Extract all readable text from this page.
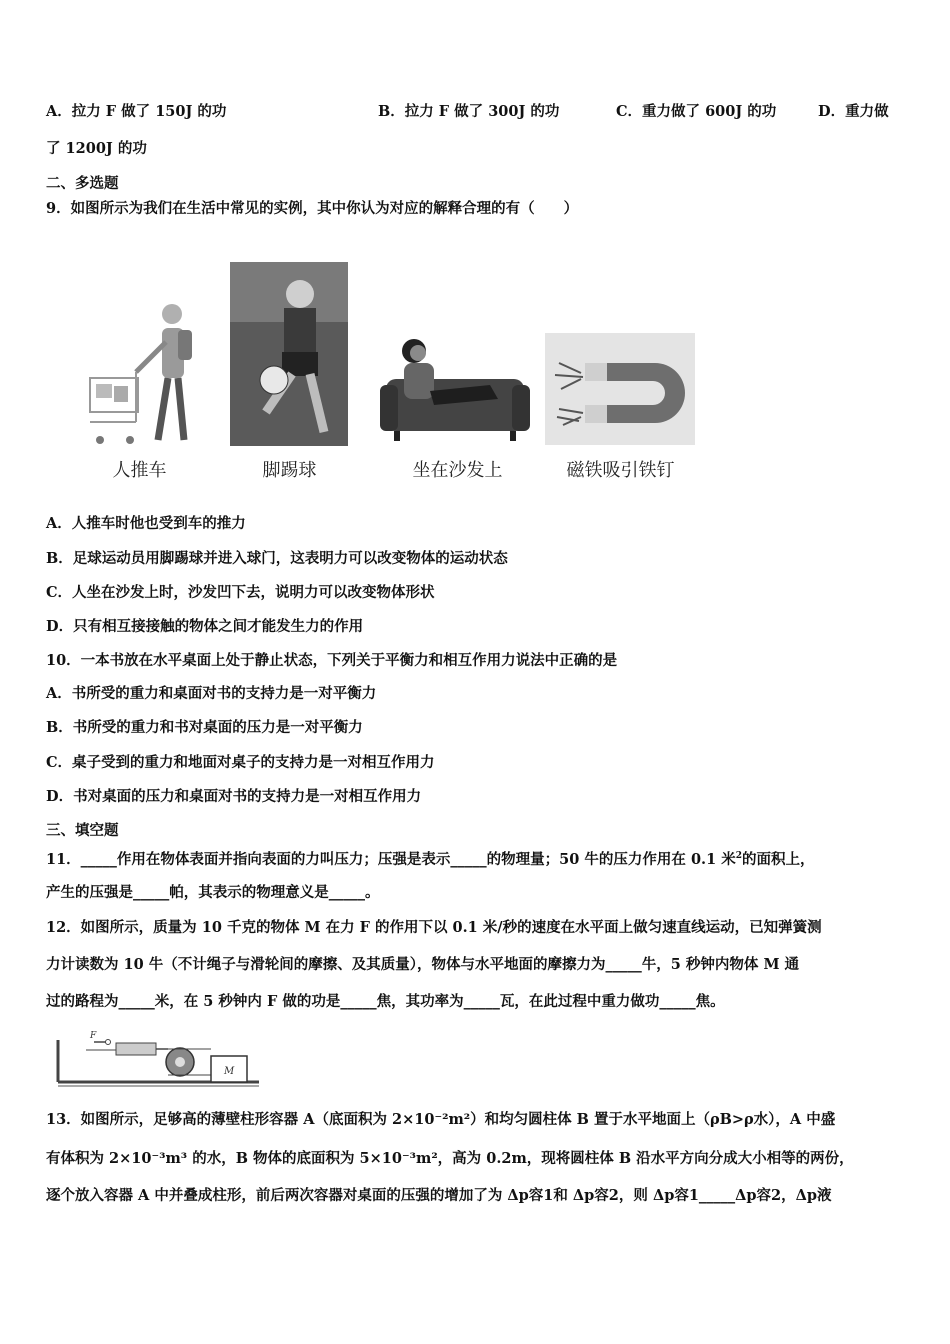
A．拉力 F 做了 150J 的功	B．拉力 F 做了 300J 的功	C．重力做了 600J 的功	D．重力做
了 1200J 的功
二、多选题
9．如图所示为我们在生活中常见的实例，其中你认为对应的解释合理的有（　　）
人推车	脚踢球	坐在沙发上	磁铁吸引铁钉
A．人推车时他也受到车的推力
B．足球运动员用脚踢球并进入球门，这表明力可以改变物体的运动状态
C．人坐在沙发上时，沙发凹下去，说明力可以改变物体形状
D．只有相互接接触的物体之间才能发生力的作用
10．一本书放在水平桌面上处于静止状态，下列关于平衡力和相互作用力说法中正确的是
A．书所受的重力和桌面对书的支持力是一对平衡力
B．书所受的重力和书对桌面的压力是一对平衡力
C．桌子受到的重力和地面对桌子的支持力是一对相互作用力
D．书对桌面的压力和桌面对书的支持力是一对相互作用力
三、填空题
11．_____作用在物体表面并指向表面的力叫压力；压强是表示_____的物理量；50 牛的压力作用在 0.1 米$^2$的面积上，
产生的压强是_____帕，其表示的物理意义是_____。
12．如图所示，质量为 10 千克的物体 M 在力 F 的作用下以 0.1 米/秒的速度在水平面上做匀速直线运动，已知弹簧测
力计读数为 10 牛（不计绳子与滑轮间的摩擦、及其质量），物体与水平地面的摩擦力为_____牛，5 秒钟内物体 M 通
过的路程为_____米，在 5 秒钟内 F 做的功是_____焦，其功率为_____瓦，在此过程中重力做功_____焦。
F
M
13．如图所示，足够高的薄壁柱形容器 A（底面积为 2×10⁻²m²）和均匀圆柱体 B 置于水平地面上（ρB>ρ水），A 中盛
有体积为 2×10⁻³m³ 的水，B 物体的底面积为 5×10⁻³m²，高为 0.2m，现将圆柱体 B 沿水平方向分成大小相等的两份，
逐个放入容器 A 中并叠成柱形，前后两次容器对桌面的压强的增加了为 Δp容1和 Δp容2，则 Δp容1_____Δp容2，Δp液
